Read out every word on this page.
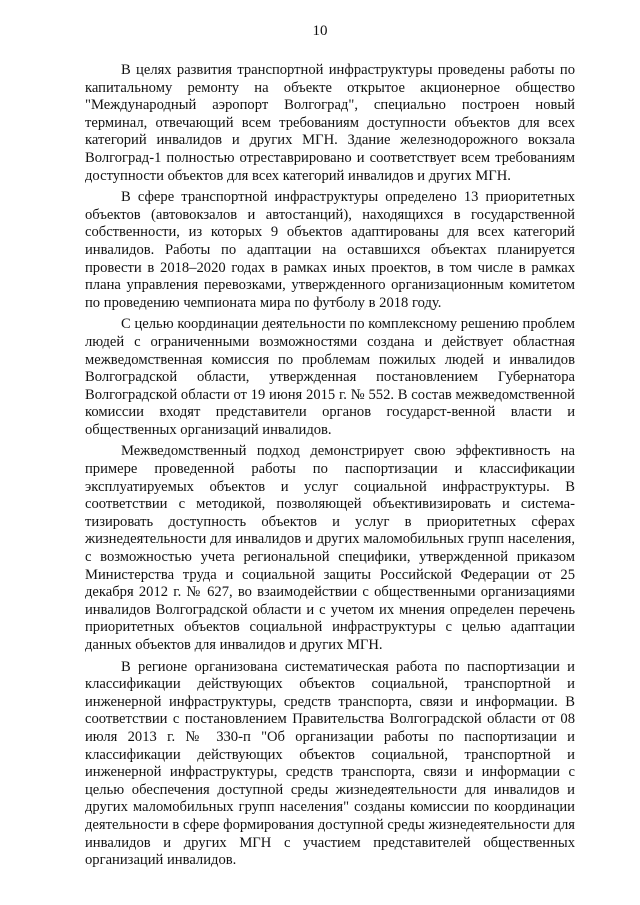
10

В целях развития транспортной инфраструктуры проведены работы по капитальному ремонту на объекте открытое акционерное общество "Международный аэропорт Волгоград", специально построен новый терминал, отвечающий всем требованиям доступности объектов для всех категорий инвалидов и других МГН. Здание железнодорожного вокзала Волгоград-1 полностью отреставрировано и соответствует всем требованиям доступности объектов для всех категорий инвалидов и других МГН.

В сфере транспортной инфраструктуры определено 13 приоритетных объектов (автовокзалов и автостанций), находящихся в государственной собственности, из которых 9 объектов адаптированы для всех категорий инвалидов. Работы по адаптации на оставшихся объектах планируется провести в 2018–2020 годах в рамках иных проектов, в том числе в рамках плана управления перевозками, утвержденного организационным комитетом по проведению чемпионата мира по футболу в 2018 году.

С целью координации деятельности по комплексному решению проблем людей с ограниченными возможностями создана и действует областная межведомственная комиссия по проблемам пожилых людей и инвалидов Волгоградской области, утвержденная постановлением Губернатора Волгоградской области от 19 июня 2015 г. № 552. В состав межведомственной комиссии входят представители органов государст-венной власти и общественных организаций инвалидов.

Межведомственный подход демонстрирует свою эффективность на примере проведенной работы по паспортизации и классификации эксплуатируемых объектов и услуг социальной инфраструктуры. В соответствии с методикой, позволяющей объективизировать и система-тизировать доступность объектов и услуг в приоритетных сферах жизнедеятельности для инвалидов и других маломобильных групп населения, с возможностью учета региональной специфики, утвержденной приказом Министерства труда и социальной защиты Российской Федерации от 25 декабря 2012 г. № 627, во взаимодействии с общественными организациями инвалидов Волгоградской области и с учетом их мнения определен перечень приоритетных объектов социальной инфраструктуры с целью адаптации данных объектов для инвалидов и других МГН.

В регионе организована систематическая работа по паспортизации и классификации действующих объектов социальной, транспортной и инженерной инфраструктуры, средств транспорта, связи и информации. В соответствии с постановлением Правительства Волгоградской области от 08 июля 2013 г. № 330-п "Об организации работы по паспортизации и классификации действующих объектов социальной, транспортной и инженерной инфраструктуры, средств транспорта, связи и информации с целью обеспечения доступной среды жизнедеятельности для инвалидов и других маломобильных групп населения" созданы комиссии по координации деятельности в сфере формирования доступной среды жизнедеятельности для инвалидов и других МГН с участием представителей общественных организаций инвалидов.
